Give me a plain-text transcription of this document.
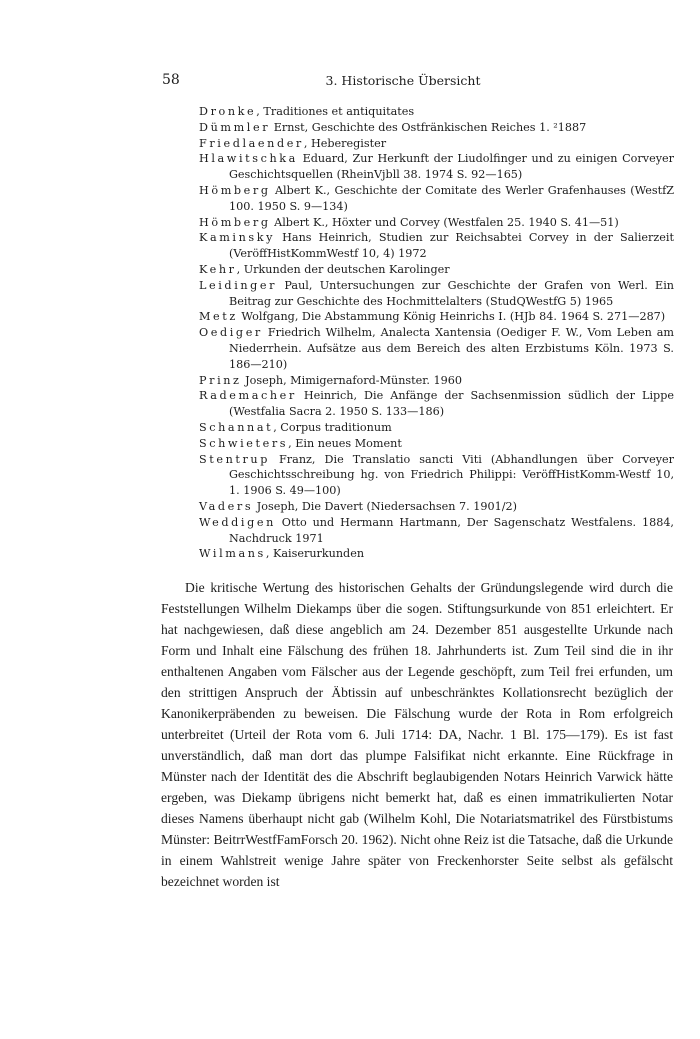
58	3. Historische Übersicht
Dronke, Traditiones et antiquitates
Dümmler Ernst, Geschichte des Ostfränkischen Reiches 1. ²1887
Friedlaender, Heberegister
Hlawitschka Eduard, Zur Herkunft der Liudolfinger und zu einigen Corveyer Geschichtsquellen (RheinVjbll 38. 1974 S. 92—165)
Hömberg Albert K., Geschichte der Comitate des Werler Grafenhauses (WestfZ 100. 1950 S. 9—134)
Hömberg Albert K., Höxter und Corvey (Westfalen 25. 1940 S. 41—51)
Kaminsky Hans Heinrich, Studien zur Reichsabtei Corvey in der Salierzeit (VeröffHistKommWestf 10, 4) 1972
Kehr, Urkunden der deutschen Karolinger
Leidinger Paul, Untersuchungen zur Geschichte der Grafen von Werl. Ein Beitrag zur Geschichte des Hochmittelalters (StudQWestfG 5) 1965
Metz Wolfgang, Die Abstammung König Heinrichs I. (HJb 84. 1964 S. 271—287)
Oediger Friedrich Wilhelm, Analecta Xantensia (Oediger F. W., Vom Leben am Niederrhein. Aufsätze aus dem Bereich des alten Erzbistums Köln. 1973 S. 186—210)
Prinz Joseph, Mimigernaford-Münster. 1960
Rademacher Heinrich, Die Anfänge der Sachsenmission südlich der Lippe (Westfalia Sacra 2. 1950 S. 133—186)
Schannat, Corpus traditionum
Schwieters, Ein neues Moment
Stentrup Franz, Die Translatio sancti Viti (Abhandlungen über Corveyer Geschichtsschreibung hg. von Friedrich Philippi: VeröffHistKomm-Westf 10, 1. 1906 S. 49—100)
Vaders Joseph, Die Davert (Niedersachsen 7. 1901/2)
Weddigen Otto und Hermann Hartmann, Der Sagenschatz Westfalens. 1884, Nachdruck 1971
Wilmans, Kaiserurkunden

Die kritische Wertung des historischen Gehalts der Gründungslegende wird durch die Feststellungen Wilhelm Diekamps über die sogen. Stiftungsurkunde von 851 erleichtert. Er hat nachgewiesen, daß diese angeblich am 24. Dezember 851 ausgestellte Urkunde nach Form und Inhalt eine Fälschung des frühen 18. Jahrhunderts ist. Zum Teil sind die in ihr enthaltenen Angaben vom Fälscher aus der Legende geschöpft, zum Teil frei erfunden, um den strittigen Anspruch der Äbtissin auf unbeschränktes Kollationsrecht bezüglich der Kanonikerpräbenden zu beweisen. Die Fälschung wurde der Rota in Rom erfolgreich unterbreitet (Urteil der Rota vom 6. Juli 1714: DA, Nachr. 1 Bl. 175—179). Es ist fast unverständlich, daß man dort das plumpe Falsifikat nicht erkannte. Eine Rückfrage in Münster nach der Identität des die Abschrift beglaubigenden Notars Heinrich Varwick hätte ergeben, was Diekamp übrigens nicht bemerkt hat, daß es einen immatrikulierten Notar dieses Namens überhaupt nicht gab (Wilhelm Kohl, Die Notariatsmatrikel des Fürstbistums Münster: BeitrrWestfFamForsch 20. 1962). Nicht ohne Reiz ist die Tatsache, daß die Urkunde in einem Wahlstreit wenige Jahre später von Freckenhorster Seite selbst als gefälscht bezeichnet worden ist
